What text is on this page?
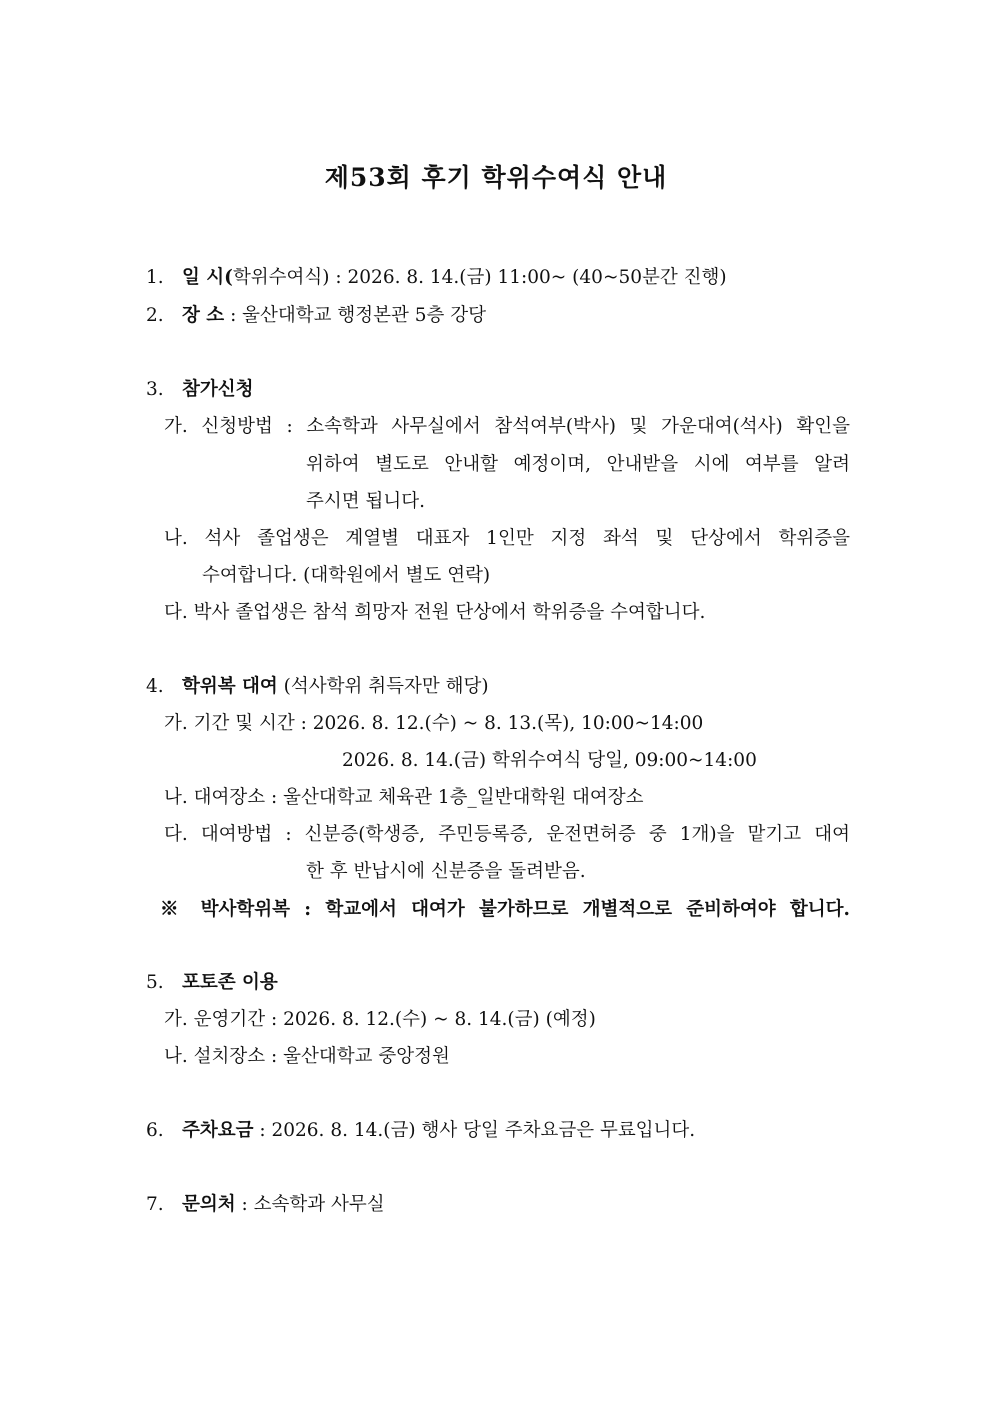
제53회 후기 학위수여식 안내
1. 일 시(학위수여식) : 2026. 8. 14.(금) 11:00~ (40~50분간 진행)
2. 장 소 : 울산대학교 행정본관 5층 강당
3. 참가신청
가. 신청방법 : 소속학과 사무실에서 참석여부(박사) 및 가운대여(석사) 확인을
위하여 별도로 안내할 예정이며, 안내받을 시에 여부를 알려
주시면 됩니다.
나. 석사 졸업생은 계열별 대표자 1인만 지정 좌석 및 단상에서 학위증을
수여합니다. (대학원에서 별도 연락)
다. 박사 졸업생은 참석 희망자 전원 단상에서 학위증을 수여합니다.
4. 학위복 대여 (석사학위 취득자만 해당)
가. 기간 및 시간 : 2026. 8. 12.(수) ~ 8. 13.(목), 10:00~14:00
2026. 8. 14.(금) 학위수여식 당일, 09:00~14:00
나. 대여장소 : 울산대학교 체육관 1층_일반대학원 대여장소
다. 대여방법 : 신분증(학생증, 주민등록증, 운전면허증 중 1개)을 맡기고 대여
한 후 반납시에 신분증을 돌려받음.
※ 박사학위복 : 학교에서 대여가 불가하므로 개별적으로 준비하여야 합니다.
5. 포토존 이용
가. 운영기간 : 2026. 8. 12.(수) ~ 8. 14.(금) (예정)
나. 설치장소 : 울산대학교 중앙정원
6. 주차요금 : 2026. 8. 14.(금) 행사 당일 주차요금은 무료입니다.
7. 문의처 : 소속학과 사무실
